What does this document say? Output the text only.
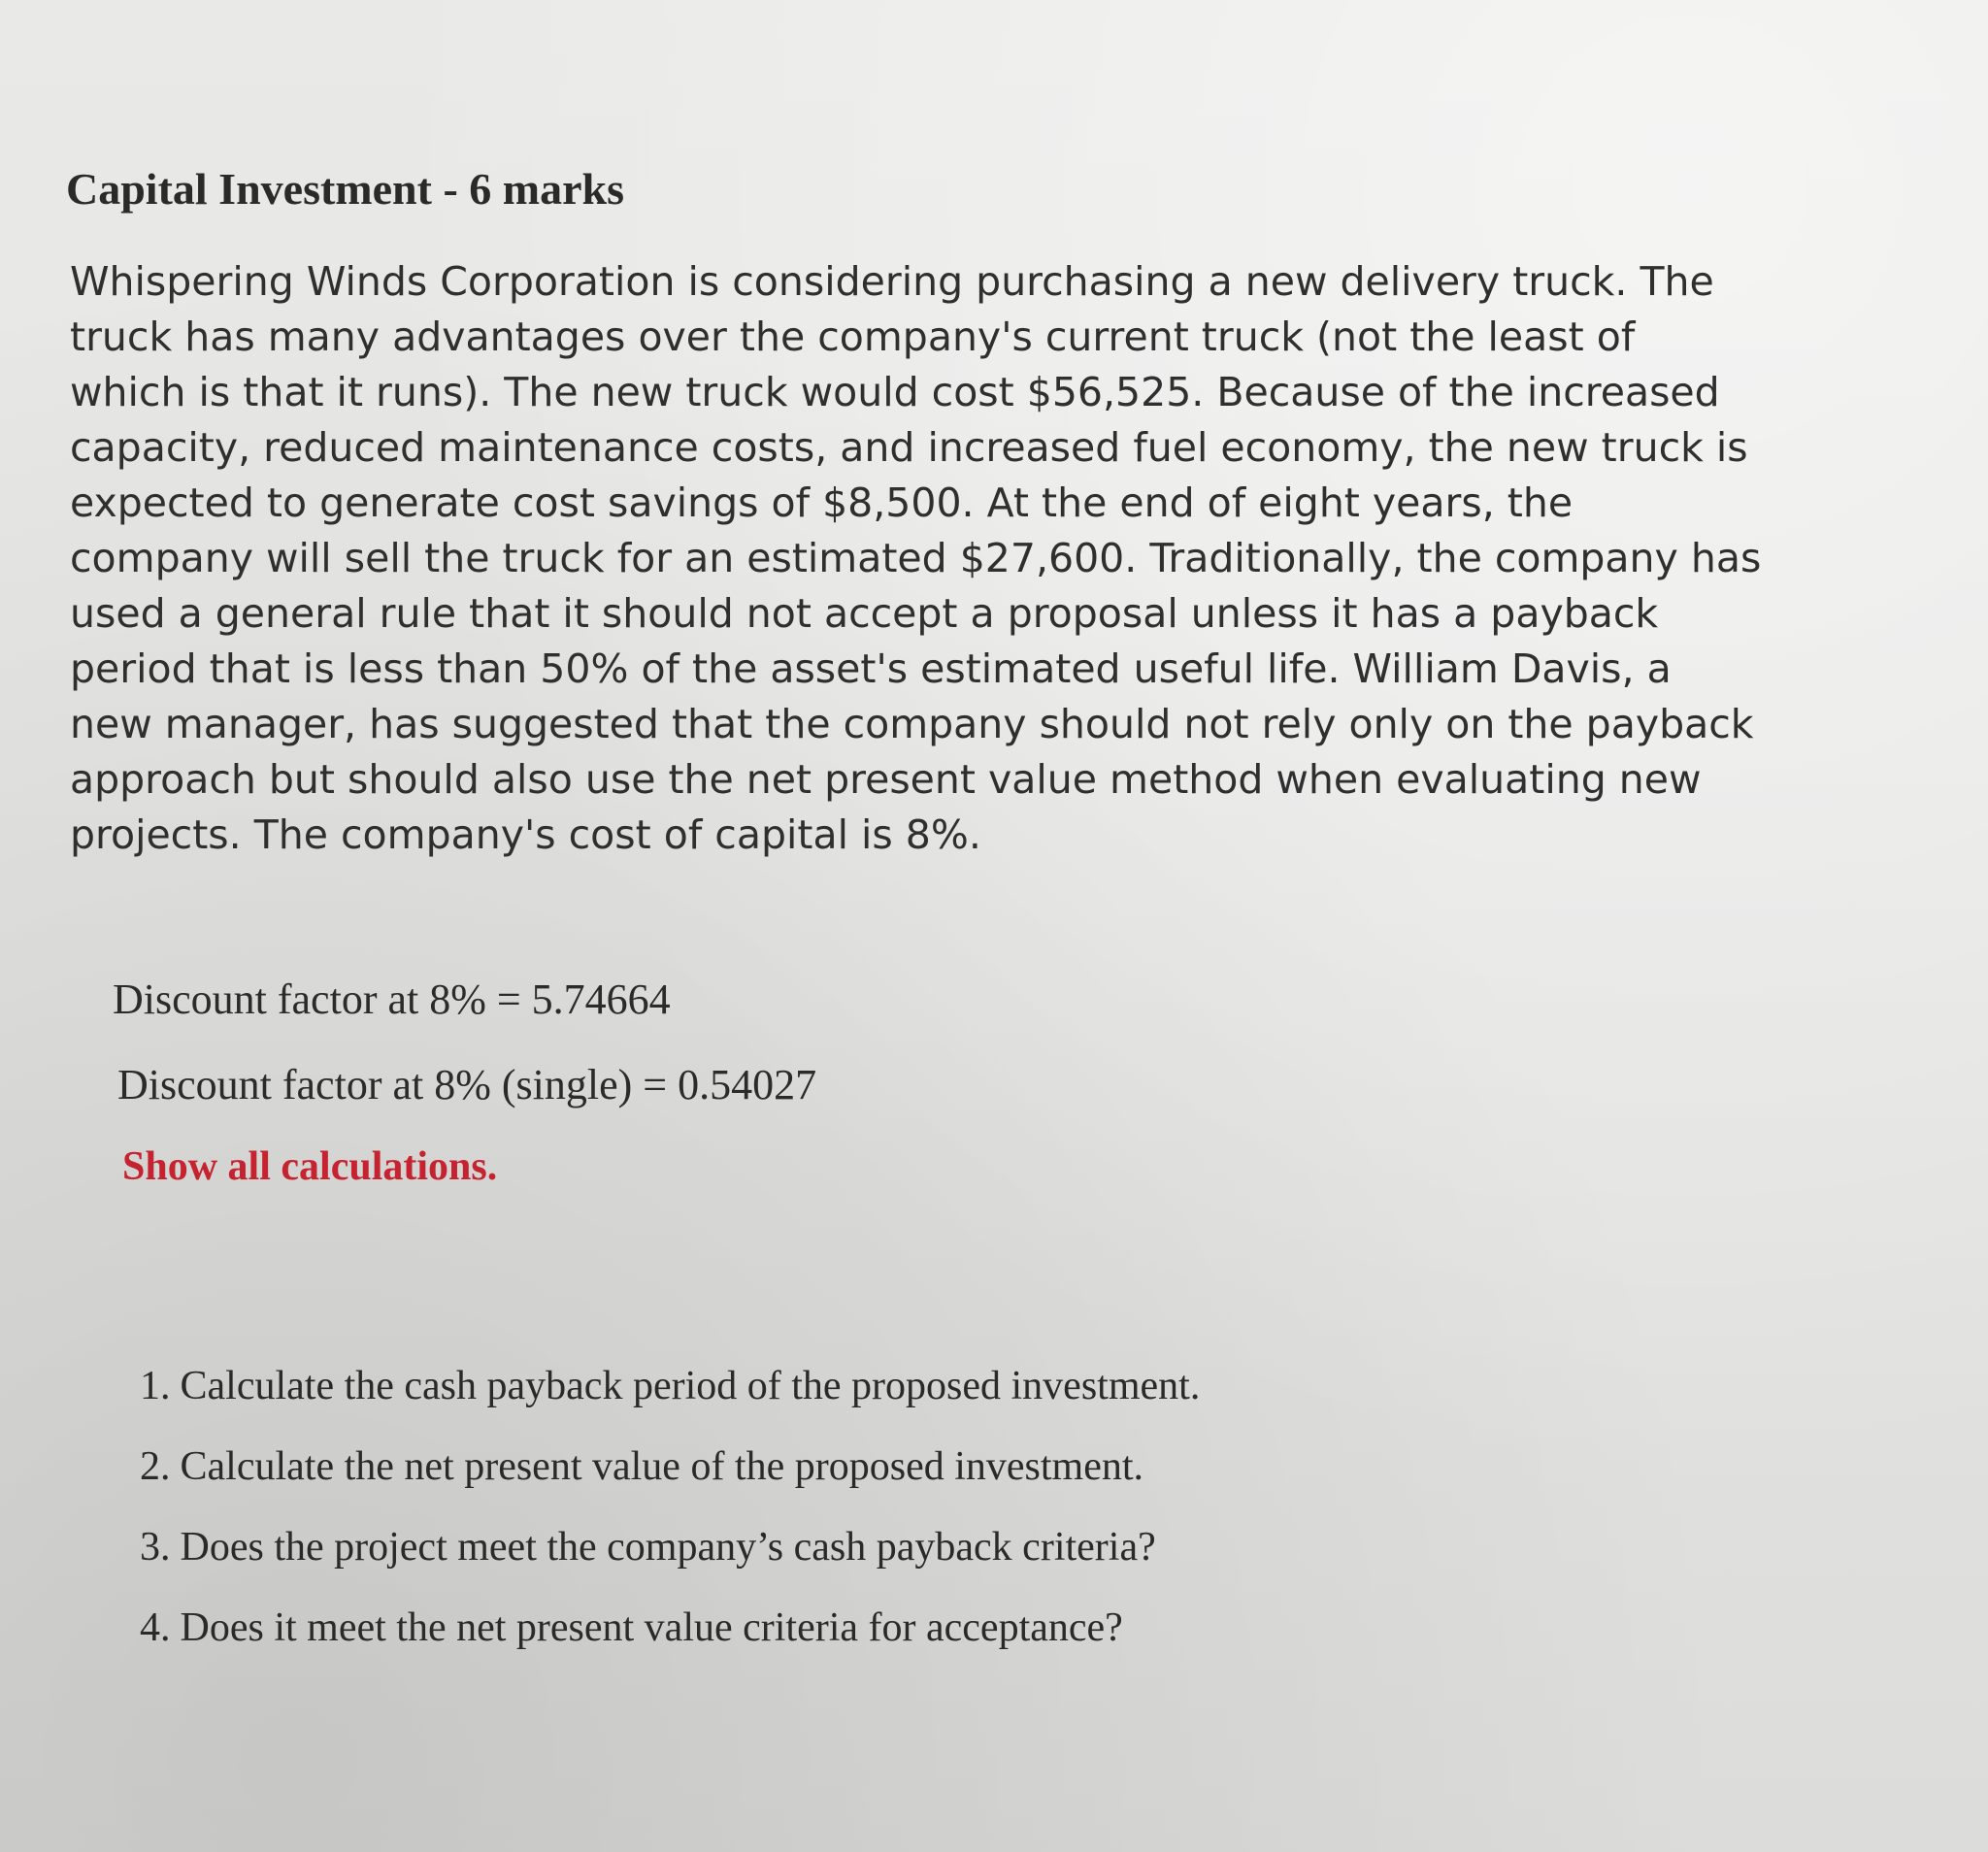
Capital Investment - 6 marks
Whispering Winds Corporation is considering purchasing a new delivery truck. The
truck has many advantages over the company's current truck (not the least of
which is that it runs). The new truck would cost $56,525. Because of the increased
capacity, reduced maintenance costs, and increased fuel economy, the new truck is
expected to generate cost savings of $8,500. At the end of eight years, the
company will sell the truck for an estimated $27,600. Traditionally, the company has
used a general rule that it should not accept a proposal unless it has a payback
period that is less than 50% of the asset's estimated useful life. William Davis, a
new manager, has suggested that the company should not rely only on the payback
approach but should also use the net present value method when evaluating new
projects. The company's cost of capital is 8%.
Discount factor at 8% = 5.74664
Discount factor at 8% (single) = 0.54027
Show all calculations.
1. Calculate the cash payback period of the proposed investment.
2. Calculate the net present value of the proposed investment.
3. Does the project meet the company’s cash payback criteria?
4. Does it meet the net present value criteria for acceptance?
